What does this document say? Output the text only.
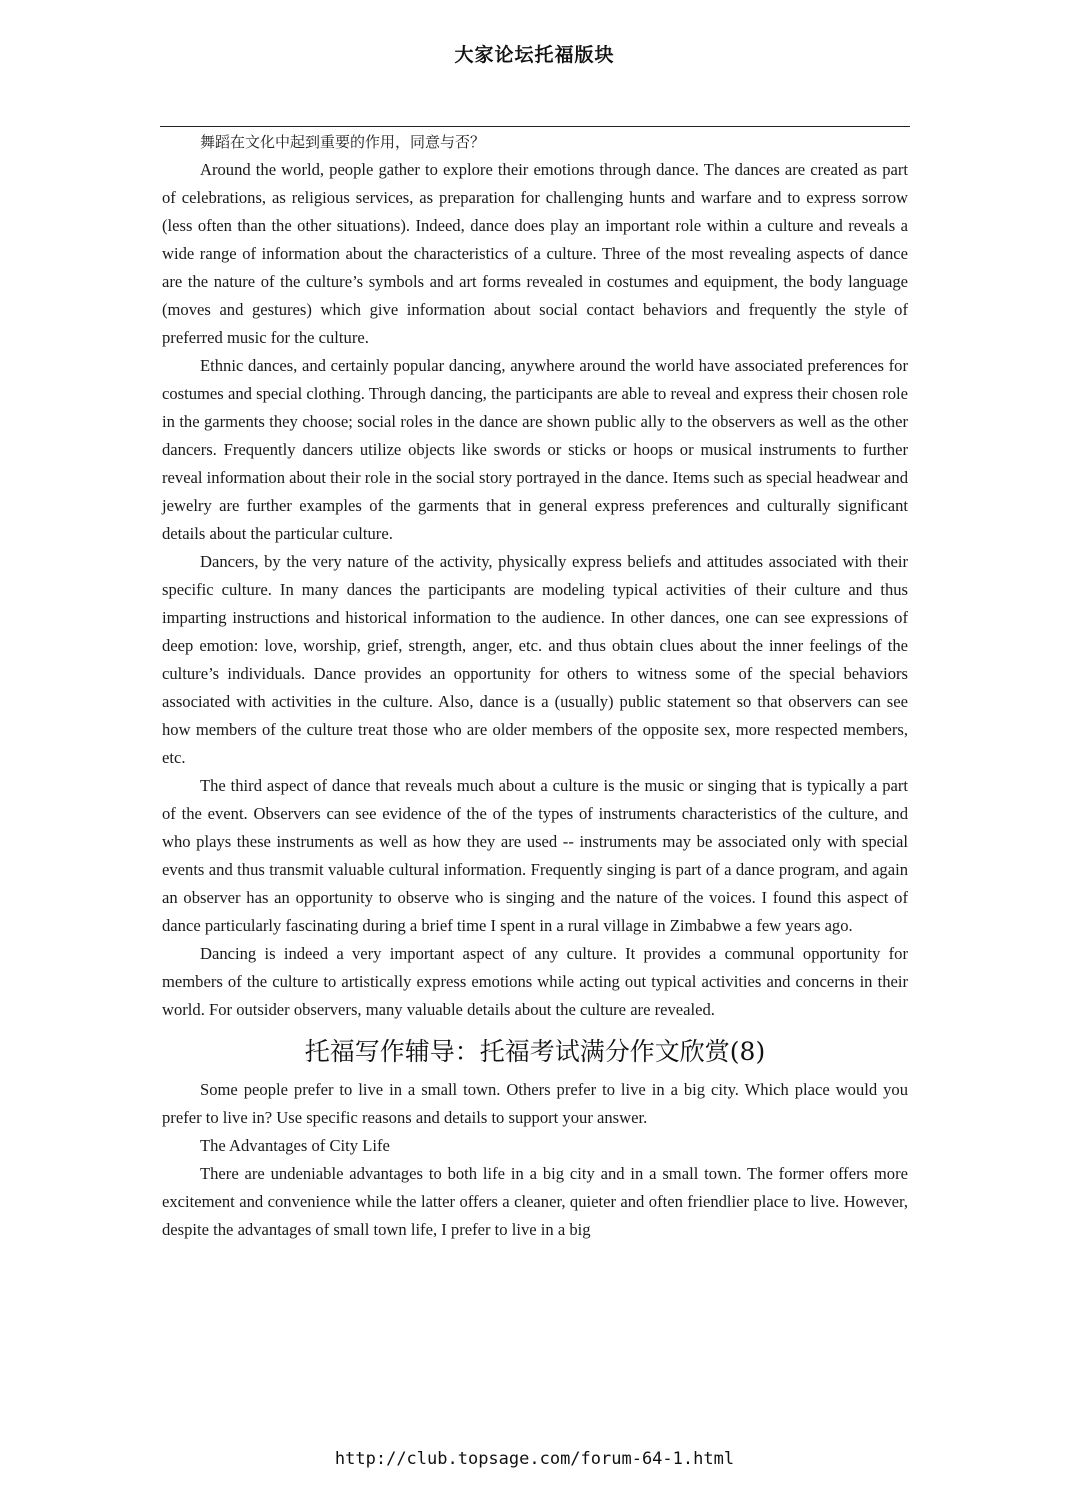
大家论坛托福版块

舞蹈在文化中起到重要的作用，同意与否？

Around the world, people gather to explore their emotions through dance. The dances are created as part of celebrations, as religious services, as preparation for challenging hunts and warfare and to express sorrow (less often than the other situations). Indeed, dance does play an important role within a culture and reveals a wide range of information about the characteristics of a culture. Three of the most revealing aspects of dance are the nature of the culture’s symbols and art forms revealed in costumes and equipment, the body language (moves and gestures) which give information about social contact behaviors and frequently the style of preferred music for the culture.

Ethnic dances, and certainly popular dancing, anywhere around the world have associated preferences for costumes and special clothing. Through dancing, the participants are able to reveal and express their chosen role in the garments they choose; social roles in the dance are shown public ally to the observers as well as the other dancers. Frequently dancers utilize objects like swords or sticks or hoops or musical instruments to further reveal information about their role in the social story portrayed in the dance. Items such as special headwear and jewelry are further examples of the garments that in general express preferences and culturally significant details about the particular culture.

Dancers, by the very nature of the activity, physically express beliefs and attitudes associated with their specific culture. In many dances the participants are modeling typical activities of their culture and thus imparting instructions and historical information to the audience. In other dances, one can see expressions of deep emotion: love, worship, grief, strength, anger, etc. and thus obtain clues about the inner feelings of the culture’s individuals. Dance provides an opportunity for others to witness some of the special behaviors associated with activities in the culture. Also, dance is a (usually) public statement so that observers can see how members of the culture treat those who are older members of the opposite sex, more respected members, etc.

The third aspect of dance that reveals much about a culture is the music or singing that is typically a part of the event. Observers can see evidence of the of the types of instruments characteristics of the culture, and who plays these instruments as well as how they are used -- instruments may be associated only with special events and thus transmit valuable cultural information. Frequently singing is part of a dance program, and again an observer has an opportunity to observe who is singing and the nature of the voices. I found this aspect of dance particularly fascinating during a brief time I spent in a rural village in Zimbabwe a few years ago.

Dancing is indeed a very important aspect of any culture. It provides a communal opportunity for members of the culture to artistically express emotions while acting out typical activities and concerns in their world. For outsider observers, many valuable details about the culture are revealed.

托福写作辅导：托福考试满分作文欣赏(8)

Some people prefer to live in a small town. Others prefer to live in a big city. Which place would you prefer to live in? Use specific reasons and details to support your answer.

The Advantages of City Life

There are undeniable advantages to both life in a big city and in a small town. The former offers more excitement and convenience while the latter offers a cleaner, quieter and often friendlier place to live. However, despite the advantages of small town life, I prefer to live in a big

http://club.topsage.com/forum-64-1.html
